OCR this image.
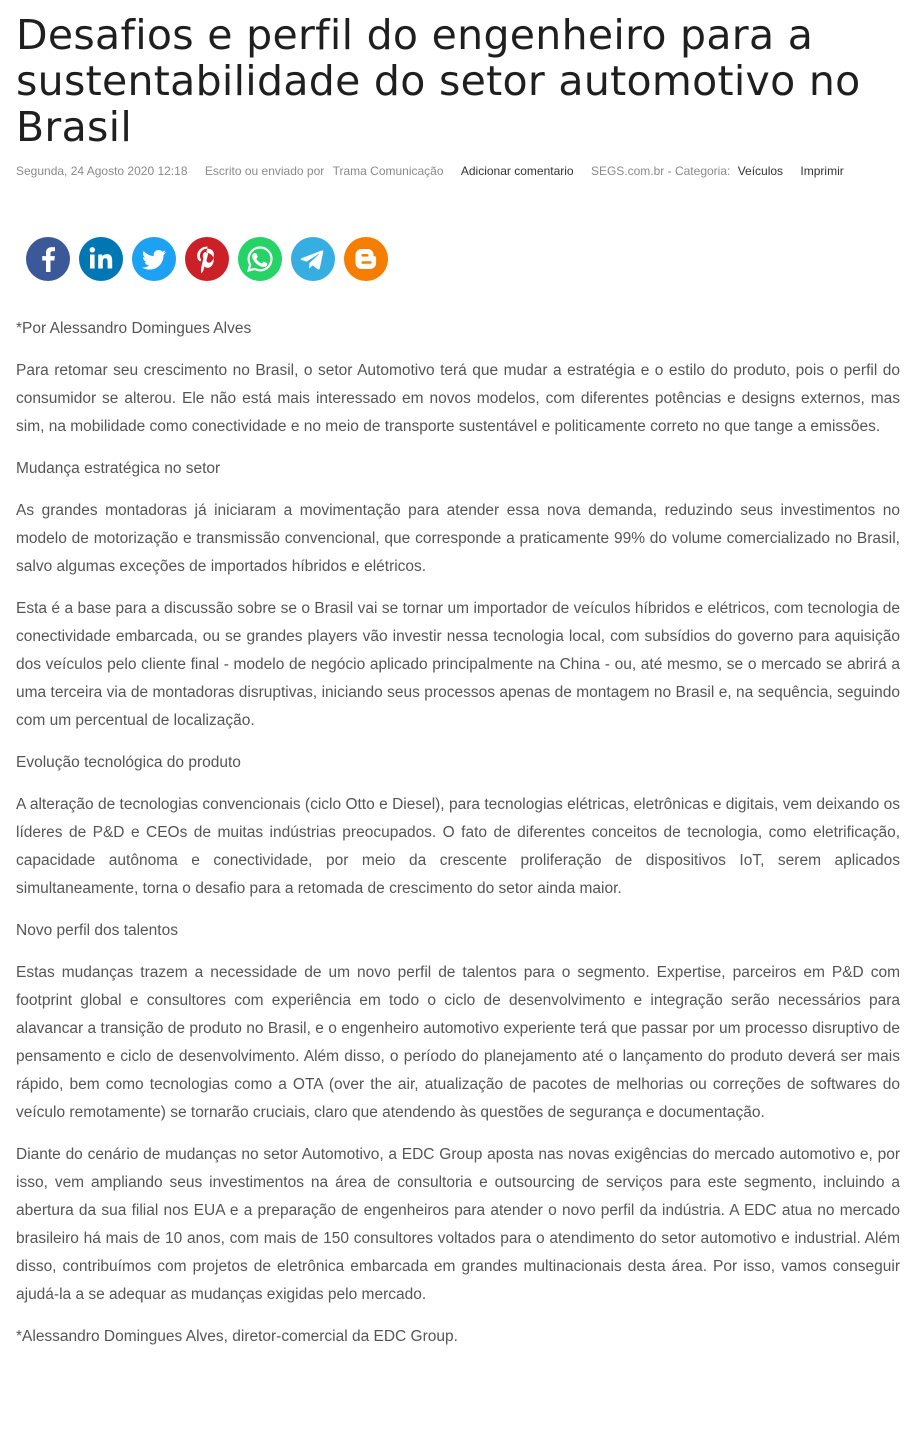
Desafios e perfil do engenheiro para a sustentabilidade do setor automotivo no Brasil
Segunda, 24 Agosto 2020 12:18 Escrito ou enviado por Trama Comunicação Adicionar comentario SEGS.com.br - Categoria: Veículos Imprimir

*Por Alessandro Domingues Alves

Para retomar seu crescimento no Brasil, o setor Automotivo terá que mudar a estratégia e o estilo do produto, pois o perfil do consumidor se alterou. Ele não está mais interessado em novos modelos, com diferentes potências e designs externos, mas sim, na mobilidade como conectividade e no meio de transporte sustentável e politicamente correto no que tange a emissões.

Mudança estratégica no setor

As grandes montadoras já iniciaram a movimentação para atender essa nova demanda, reduzindo seus investimentos no modelo de motorização e transmissão convencional, que corresponde a praticamente 99% do volume comercializado no Brasil, salvo algumas exceções de importados híbridos e elétricos.

Esta é a base para a discussão sobre se o Brasil vai se tornar um importador de veículos híbridos e elétricos, com tecnologia de conectividade embarcada, ou se grandes players vão investir nessa tecnologia local, com subsídios do governo para aquisição dos veículos pelo cliente final - modelo de negócio aplicado principalmente na China - ou, até mesmo, se o mercado se abrirá a uma terceira via de montadoras disruptivas, iniciando seus processos apenas de montagem no Brasil e, na sequência, seguindo com um percentual de localização.

Evolução tecnológica do produto

A alteração de tecnologias convencionais (ciclo Otto e Diesel), para tecnologias elétricas, eletrônicas e digitais, vem deixando os líderes de P&D e CEOs de muitas indústrias preocupados. O fato de diferentes conceitos de tecnologia, como eletrificação, capacidade autônoma e conectividade, por meio da crescente proliferação de dispositivos IoT, serem aplicados simultaneamente, torna o desafio para a retomada de crescimento do setor ainda maior.

Novo perfil dos talentos

Estas mudanças trazem a necessidade de um novo perfil de talentos para o segmento. Expertise, parceiros em P&D com footprint global e consultores com experiência em todo o ciclo de desenvolvimento e integração serão necessários para alavancar a transição de produto no Brasil, e o engenheiro automotivo experiente terá que passar por um processo disruptivo de pensamento e ciclo de desenvolvimento. Além disso, o período do planejamento até o lançamento do produto deverá ser mais rápido, bem como tecnologias como a OTA (over the air, atualização de pacotes de melhorias ou correções de softwares do veículo remotamente) se tornarão cruciais, claro que atendendo às questões de segurança e documentação.

Diante do cenário de mudanças no setor Automotivo, a EDC Group aposta nas novas exigências do mercado automotivo e, por isso, vem ampliando seus investimentos na área de consultoria e outsourcing de serviços para este segmento, incluindo a abertura da sua filial nos EUA e a preparação de engenheiros para atender o novo perfil da indústria. A EDC atua no mercado brasileiro há mais de 10 anos, com mais de 150 consultores voltados para o atendimento do setor automotivo e industrial. Além disso, contribuímos com projetos de eletrônica embarcada em grandes multinacionais desta área. Por isso, vamos conseguir ajudá-la a se adequar as mudanças exigidas pelo mercado.

*Alessandro Domingues Alves, diretor-comercial da EDC Group.
